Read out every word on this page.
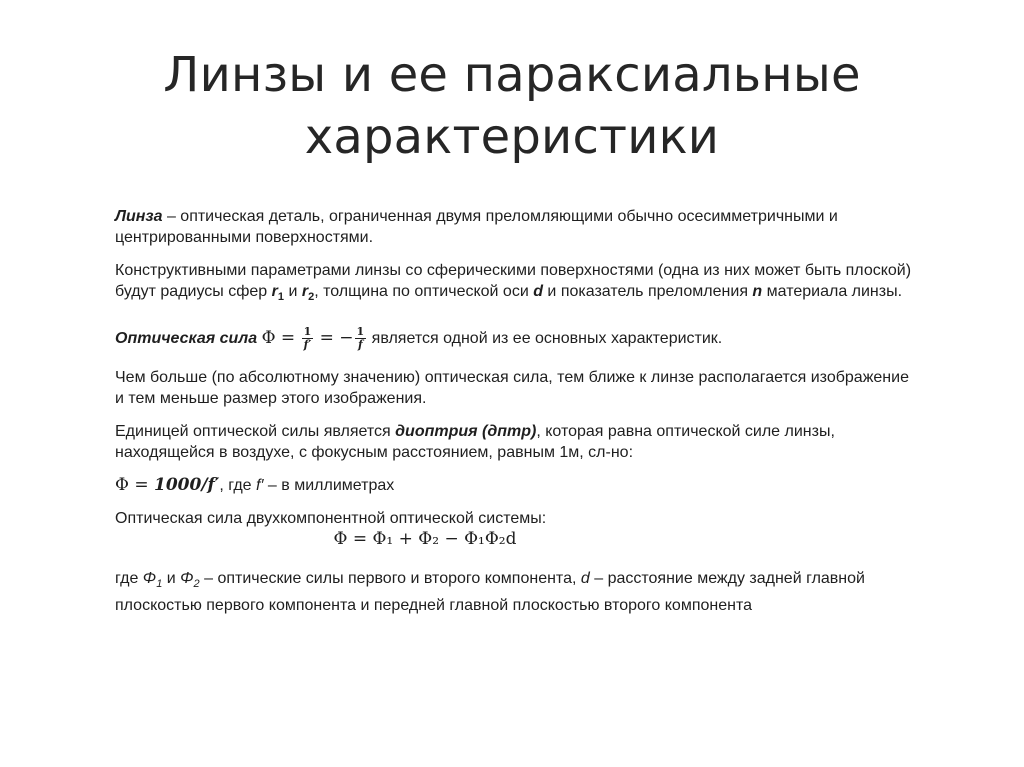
Линзы и ее параксиальные
характеристики

Линза – оптическая деталь, ограниченная двумя преломляющими обычно осесимметричными и центрированными поверхностями.

Конструктивными параметрами линзы со сферическими поверхностями (одна из них может быть плоской) будут радиусы сфер $r_1$ и $r_2$, толщина по оптической оси d и показатель преломления n материала линзы.

Оптическая сила $\Phi = \frac{1}{f'}$ = − $\frac{1}{f}$ является одной из ее основных характеристик.

Чем больше (по абсолютному значению) оптическая сила, тем ближе к линзе располагается изображение и тем меньше размер этого изображения.

Единицей оптической силы является диоптрия (дптр), которая равна оптической силе линзы, находящейся в воздухе, с фокусным расстоянием, равным 1м, сл-но:

Φ = 1000/f′, где f′ – в миллиметрах

Оптическая сила двухкомпонентной оптической системы:
Φ = Φ₁ + Φ₂ − Φ₁Φ₂d

где $\Phi_1$ и $\Phi_2$ – оптические силы первого и второго компонента, d – расстояние между задней главной плоскостью первого компонента и передней главной плоскостью второго компонента
